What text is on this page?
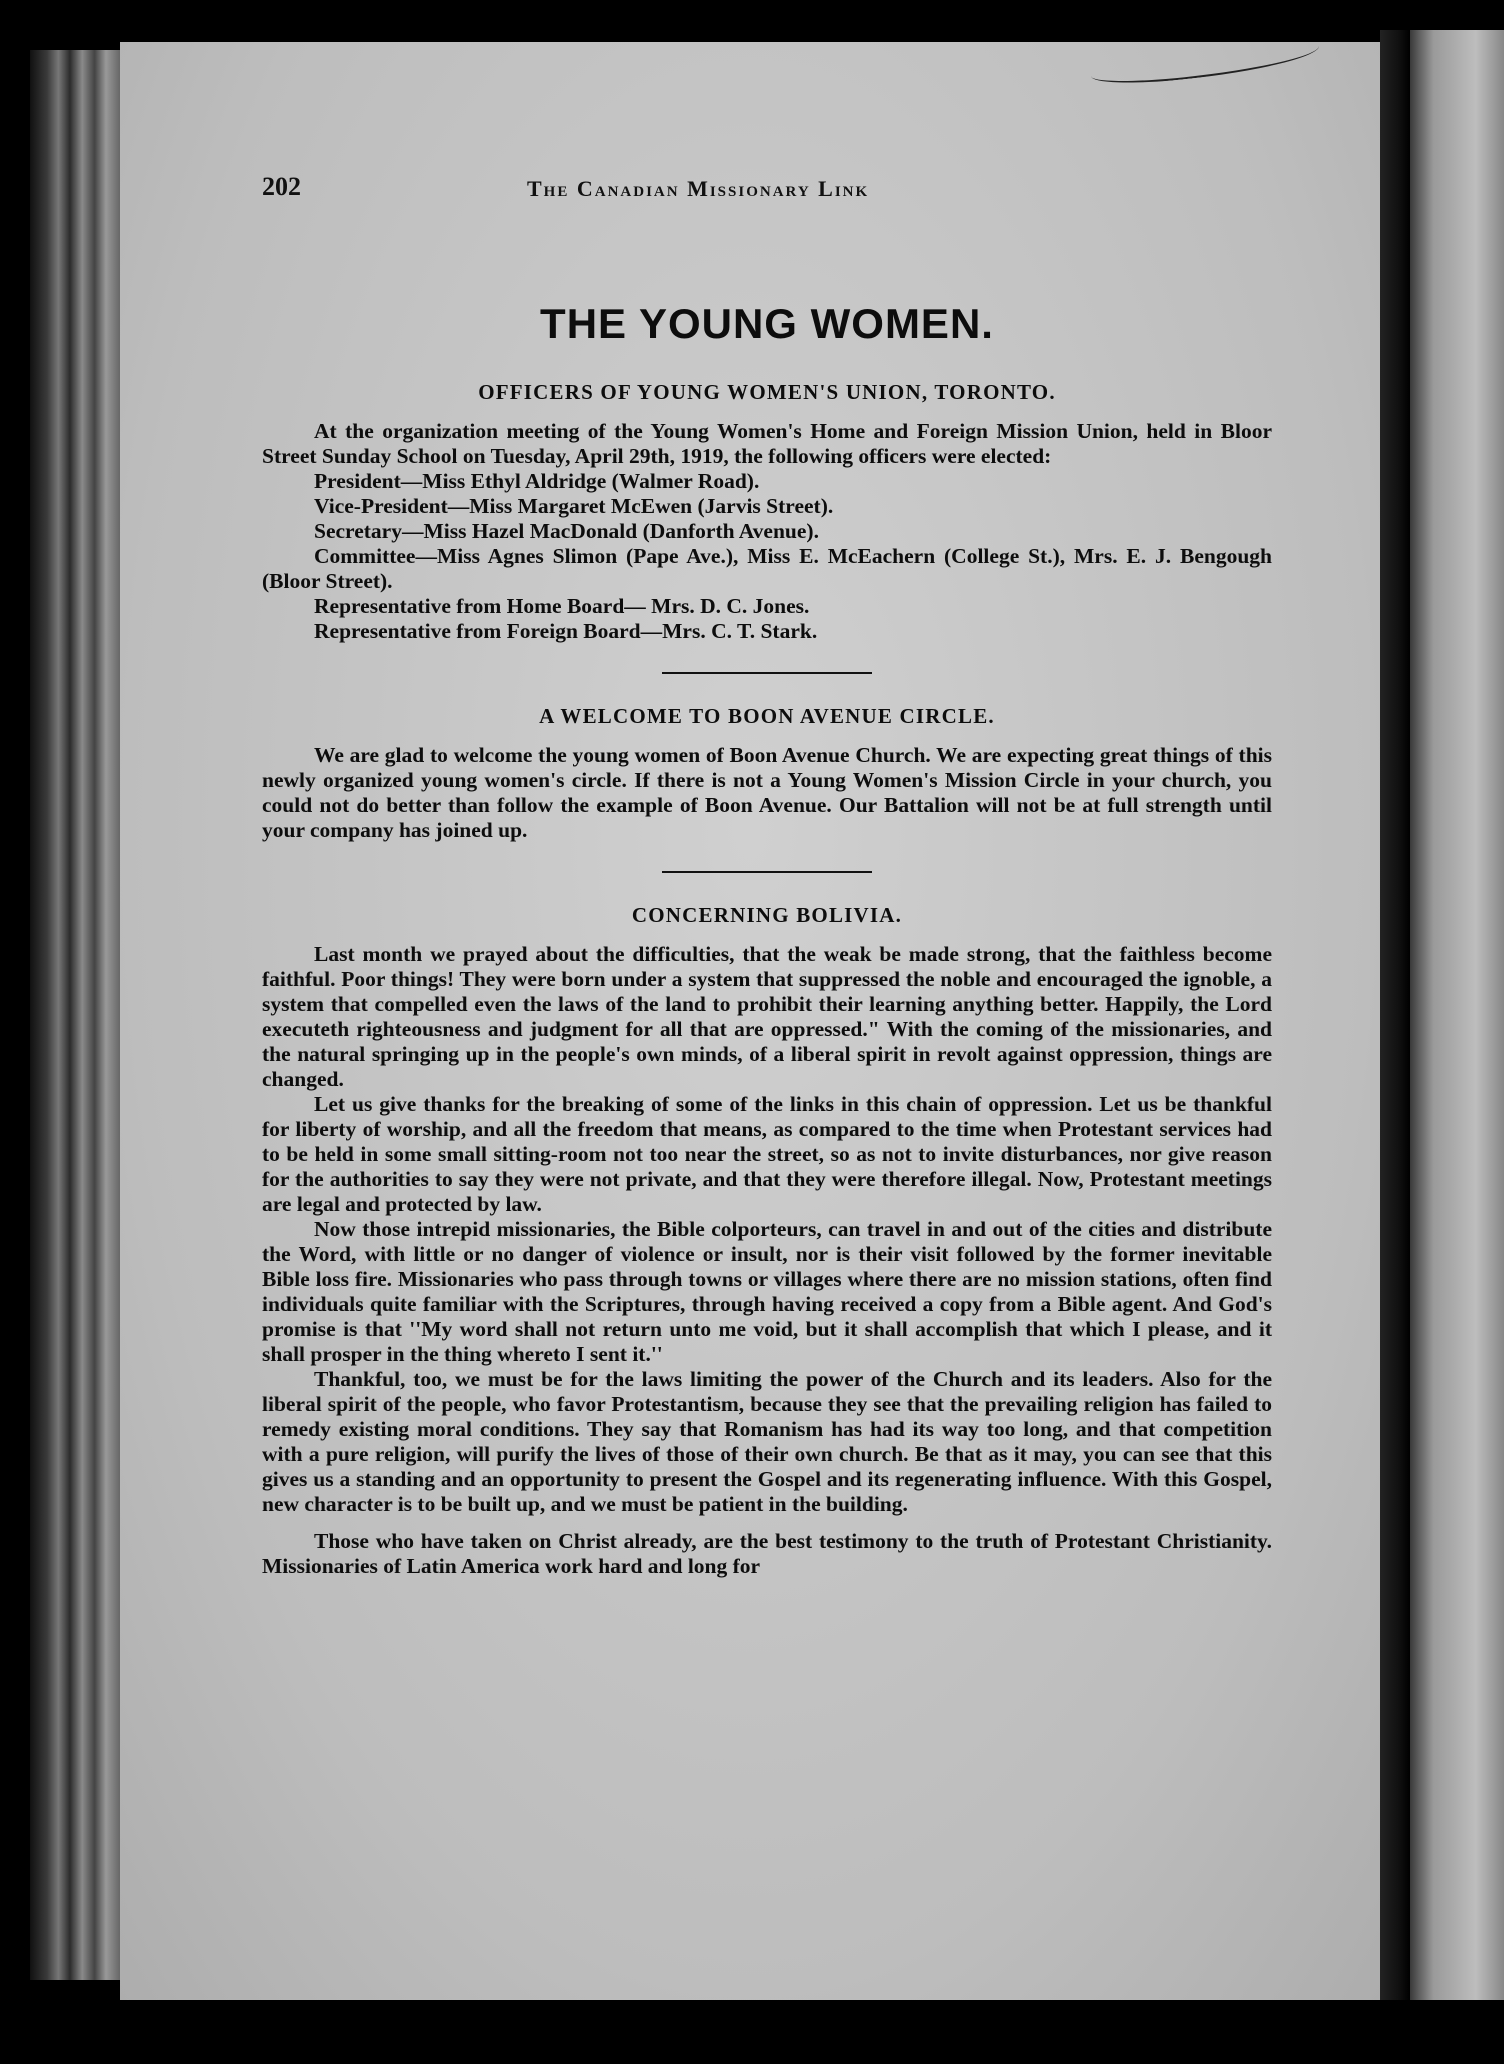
202	The Canadian Missionary Link
THE YOUNG WOMEN.
OFFICERS OF YOUNG WOMEN'S UNION, TORONTO.

At the organization meeting of the Young Women's Home and Foreign Mission Union, held in Bloor Street Sunday School on Tuesday, April 29th, 1919, the following officers were elected:

President—Miss Ethyl Aldridge (Walmer Road).
Vice-President—Miss Margaret McEwen (Jarvis Street).
Secretary—Miss Hazel MacDonald (Danforth Avenue).
Committee—Miss Agnes Slimon (Pape Ave.), Miss E. McEachern (College St.), Mrs. E. J. Bengough (Bloor Street).
Representative from Home Board— Mrs. D. C. Jones.
Representative from Foreign Board—Mrs. C. T. Stark.
A WELCOME TO BOON AVENUE CIRCLE.

We are glad to welcome the young women of Boon Avenue Church. We are expecting great things of this newly organized young women's circle. If there is not a Young Women's Mission Circle in your church, you could not do better than follow the example of Boon Avenue. Our Battalion will not be at full strength until your company has joined up.

CONCERNING BOLIVIA.

Last month we prayed about the difficulties, that the weak be made strong, that the faithless become faithful. Poor things! They were born under a system that suppressed the noble and encouraged the ignoble, a system that compelled even the laws of the land to prohibit their learning anything better. Happily, the Lord executeth righteousness and judgment for all that are oppressed." With the coming of the missionaries, and the natural springing up in the people's own minds, of a liberal spirit in revolt against oppression, things are changed.

Let us give thanks for the breaking of some of the links in this chain of oppression. Let us be thankful for liberty of worship, and all the freedom that means, as compared to the time when Protestant services had to be held in some small sitting-room not too near the street, so as not to invite disturbances, nor give reason for the authorities to say they were not private, and that they were therefore illegal. Now, Protestant meetings are legal and protected by law.

Now those intrepid missionaries, the Bible colporteurs, can travel in and out of the cities and distribute the Word, with little or no danger of violence or insult, nor is their visit followed by the former inevitable Bible loss fire. Missionaries who pass through towns or villages where there are no mission stations, often find individuals quite familiar with the Scriptures, through having received a copy from a Bible agent. And God's promise is that ''My word shall not return unto me void, but it shall accomplish that which I please, and it shall prosper in the thing whereto I sent it.''

Thankful, too, we must be for the laws limiting the power of the Church and its leaders. Also for the liberal spirit of the people, who favor Protestantism, because they see that the prevailing religion has failed to remedy existing moral conditions. They say that Romanism has had its way too long, and that competition with a pure religion, will purify the lives of those of their own church. Be that as it may, you can see that this gives us a standing and an opportunity to present the Gospel and its regenerating influence. With this Gospel, new character is to be built up, and we must be patient in the building.

Those who have taken on Christ already, are the best testimony to the truth of Protestant Christianity. Missionaries of Latin America work hard and long for
